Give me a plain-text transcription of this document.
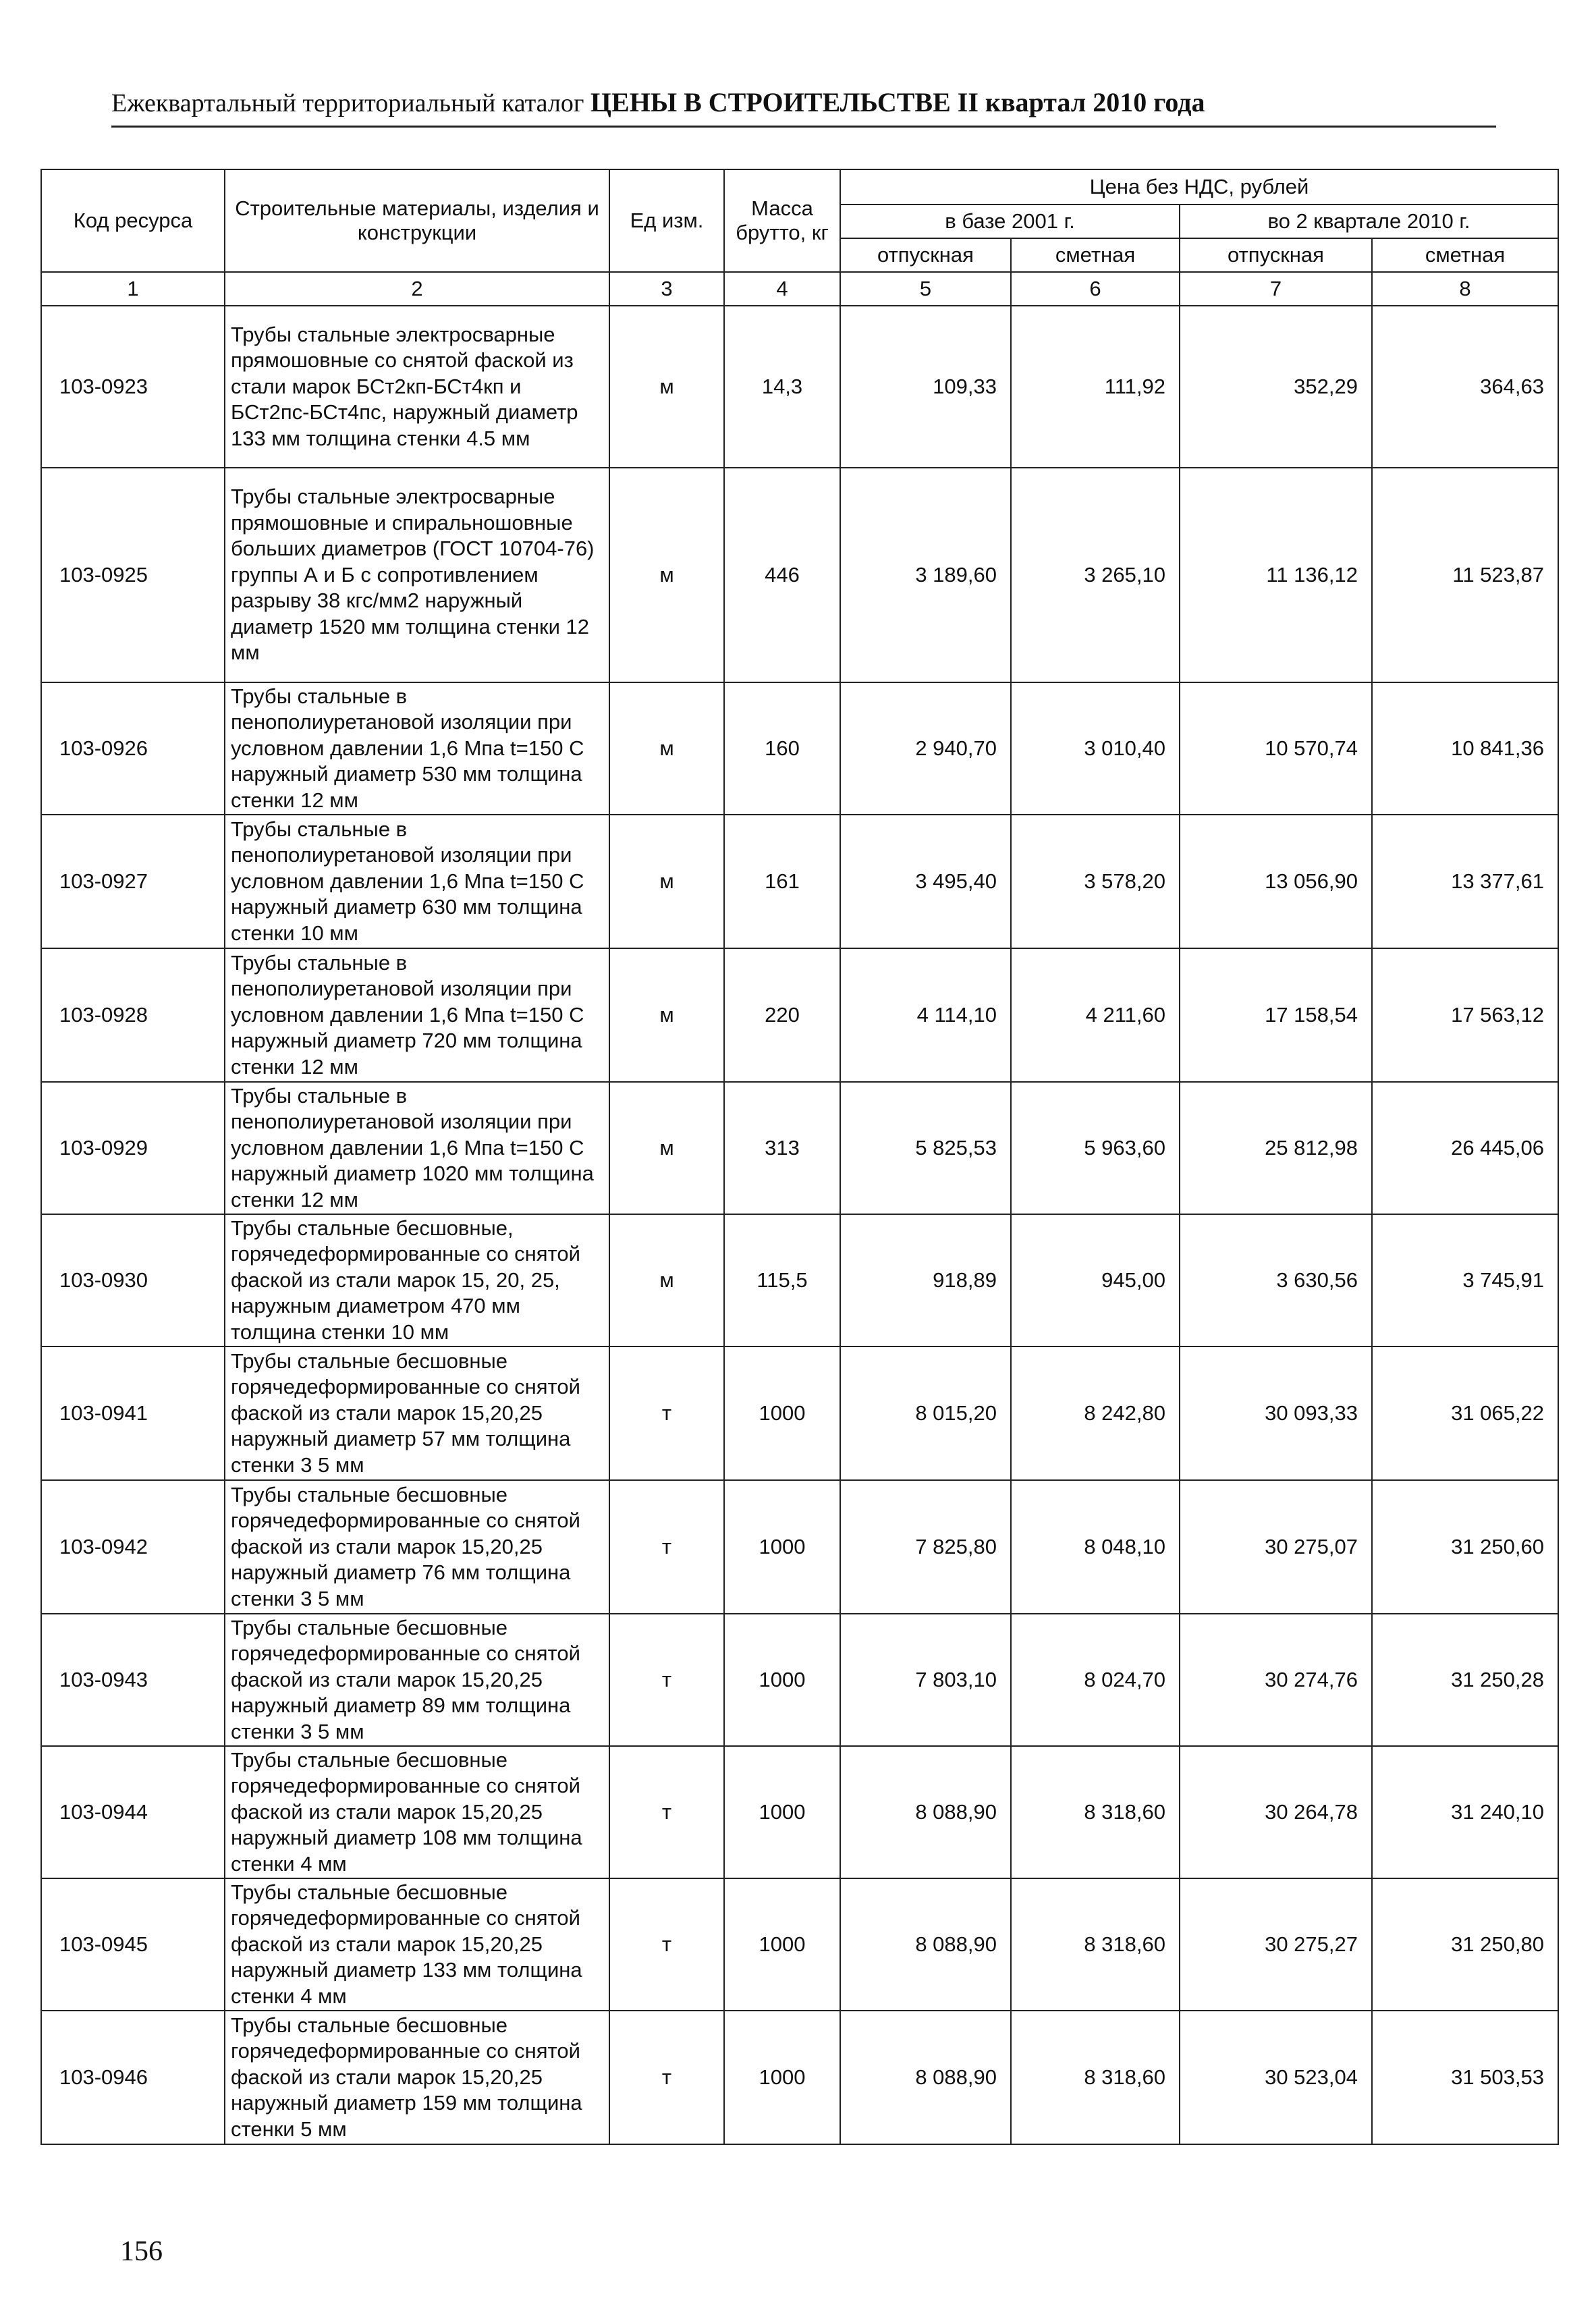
Ежеквартальный территориальный каталог ЦЕНЫ В СТРОИТЕЛЬСТВЕ II квартал 2010 года
Код ресурса	Строительные материалы, изделия и конструкции	Ед изм.	Масса брутто, кг	Цена без НДС, рублей			
				в базе 2001 г.		во 2 квартале 2010 г.	
				отпускная	сметная	отпускная	сметная
1	2	3	4	5	6	7	8
103-0923	Трубы стальные электросварные прямошовные со снятой фаской из стали марок БСт2кп-БСт4кп и БСт2пс-БСт4пс, наружный диаметр 133 мм толщина стенки 4.5 мм	м	14,3	109,33	111,92	352,29	364,63
103-0925	Трубы стальные электросварные прямошовные и спиральношовные больших диаметров (ГОСТ 10704-76) группы А и Б с сопротивлением разрыву 38 кгс/мм2 наружный диаметр 1520 мм толщина стенки 12 мм	м	446	3 189,60	3 265,10	11 136,12	11 523,87
103-0926	Трубы стальные в пенополиуретановой изоляции при условном давлении 1,6 Мпа t=150 С наружный диаметр 530 мм толщина стенки 12 мм	м	160	2 940,70	3 010,40	10 570,74	10 841,36
103-0927	Трубы стальные в пенополиуретановой изоляции при условном давлении 1,6 Мпа t=150 С наружный диаметр 630 мм толщина стенки 10 мм	м	161	3 495,40	3 578,20	13 056,90	13 377,61
103-0928	Трубы стальные в пенополиуретановой изоляции при условном давлении 1,6 Мпа t=150 С наружный диаметр 720 мм толщина стенки 12 мм	м	220	4 114,10	4 211,60	17 158,54	17 563,12
103-0929	Трубы стальные в пенополиуретановой изоляции при условном давлении 1,6 Мпа t=150 С наружный диаметр 1020 мм толщина стенки 12 мм	м	313	5 825,53	5 963,60	25 812,98	26 445,06
103-0930	Трубы стальные бесшовные, горячедеформированные со снятой фаской из стали марок 15, 20, 25, наружным диаметром 470 мм толщина стенки 10 мм	м	115,5	918,89	945,00	3 630,56	3 745,91
103-0941	Трубы стальные бесшовные горячедеформированные со снятой фаской из стали марок 15,20,25 наружный диаметр 57 мм толщина стенки 3 5 мм	т	1000	8 015,20	8 242,80	30 093,33	31 065,22
103-0942	Трубы стальные бесшовные горячедеформированные со снятой фаской из стали марок 15,20,25 наружный диаметр 76 мм толщина стенки 3 5 мм	т	1000	7 825,80	8 048,10	30 275,07	31 250,60
103-0943	Трубы стальные бесшовные горячедеформированные со снятой фаской из стали марок 15,20,25 наружный диаметр 89 мм толщина стенки 3 5 мм	т	1000	7 803,10	8 024,70	30 274,76	31 250,28
103-0944	Трубы стальные бесшовные горячедеформированные со снятой фаской из стали марок 15,20,25 наружный диаметр 108 мм толщина стенки 4 мм	т	1000	8 088,90	8 318,60	30 264,78	31 240,10
103-0945	Трубы стальные бесшовные горячедеформированные со снятой фаской из стали марок 15,20,25 наружный диаметр 133 мм толщина стенки 4 мм	т	1000	8 088,90	8 318,60	30 275,27	31 250,80
103-0946	Трубы стальные бесшовные горячедеформированные со снятой фаской из стали марок 15,20,25 наружный диаметр 159 мм толщина стенки 5 мм	т	1000	8 088,90	8 318,60	30 523,04	31 503,53
156
